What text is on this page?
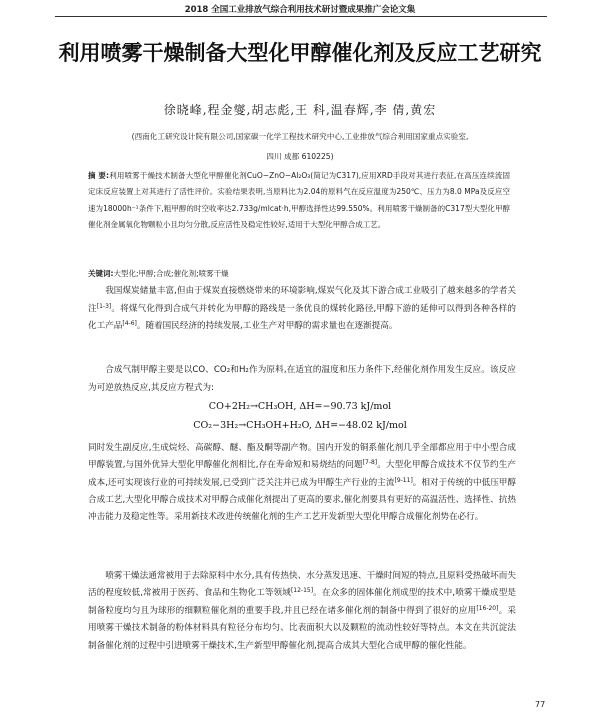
2018 全国工业排放气综合利用技术研讨暨成果推广会论文集
利用喷雾干燥制备大型化甲醇催化剂及反应工艺研究
徐晓峰,程金燮,胡志彪,王 科,温春辉,李 倩,黄宏
(西南化工研究设计院有限公司,国家碳一化学工程技术研究中心,工业排放气综合利用国家重点实验室,
四川 成都 610225)
摘 要:利用喷雾干燥技术制备大型化甲醇催化剂CuO−ZnO−Al₂O₃(简记为C317),应用XRD手段对其进行表征,在高压连续流固定床反应装置上对其进行了活性评价。实验结果表明,当原料比为2.04的原料气在反应温度为250℃、压力为8.0 MPa及反应空速为18000h⁻¹条件下,粗甲醇的时空收率达2.733g/mlcat·h,甲醇选择性达99.550%。利用喷雾干燥制备的C317型大型化甲醇催化剂金属氧化物颗粒小且均匀分散,反应活性及稳定性较好,适用于大型化甲醇合成工艺。
关键词:大型化;甲醇;合成;催化剂;喷雾干燥

我国煤炭储量丰富,但由于煤炭直接燃烧带来的环境影响,煤炭气化及其下游合成工业吸引了越来越多的学者关注[1-3]。将煤气化得到合成气并转化为甲醇的路线是一条优良的煤转化路径,甲醇下游的延伸可以得到各种各样的化工产品[4-6]。随着国民经济的持续发展,工业生产对甲醇的需求量也在逐渐提高。

合成气制甲醇主要是以CO、CO₂和H₂作为原料,在适宜的温度和压力条件下,经催化剂作用发生反应。该反应为可逆放热反应,其反应方程式为:

CO+2H₂→CH₃OH, ΔH=−90.73 kJ/mol
CO₂−3H₂→CH₃OH+H₂O, ΔH=−48.02 kJ/mol

同时发生副反应,生成烷烃、高碳醇、醚、酯及酮等副产物。国内开发的铜系催化剂几乎全部都应用于中小型合成甲醇装置,与国外优异大型化甲醇催化剂相比,存在寿命短和易烧结的问题[7-8]。大型化甲醇合成技术不仅节约生产成本,还可实现该行业的可持续发展,已受到广泛关注并已成为甲醇生产行业的主流[9-11]。相对于传统的中低压甲醇合成工艺,大型化甲醇合成技术对甲醇合成催化剂提出了更高的要求,催化剂要具有更好的高温活性、选择性、抗热冲击能力及稳定性等。采用新技术改进传统催化剂的生产工艺开发新型大型化甲醇合成催化剂势在必行。

喷雾干燥法通常被用于去除原料中水分,具有传热快、水分蒸发迅速、干燥时间短的特点,且原料受热破坏而失活的程度较低,常被用于医药、食品和生物化工等领域[12-15]。在众多的固体催化剂成型的技术中,喷雾干燥成型是制备粒度均匀且为球形的细颗粒催化剂的重要手段,并且已经在诸多催化剂的制备中得到了很好的应用[16-20]。采用喷雾干燥技术制备的粉体材料具有粒径分布均匀、比表面积大以及颗粒的流动性较好等特点。本文在共沉淀法制备催化剂的过程中引进喷雾干燥技术,生产新型甲醇催化剂,提高合成其大型化合成甲醇的催化性能。

77
